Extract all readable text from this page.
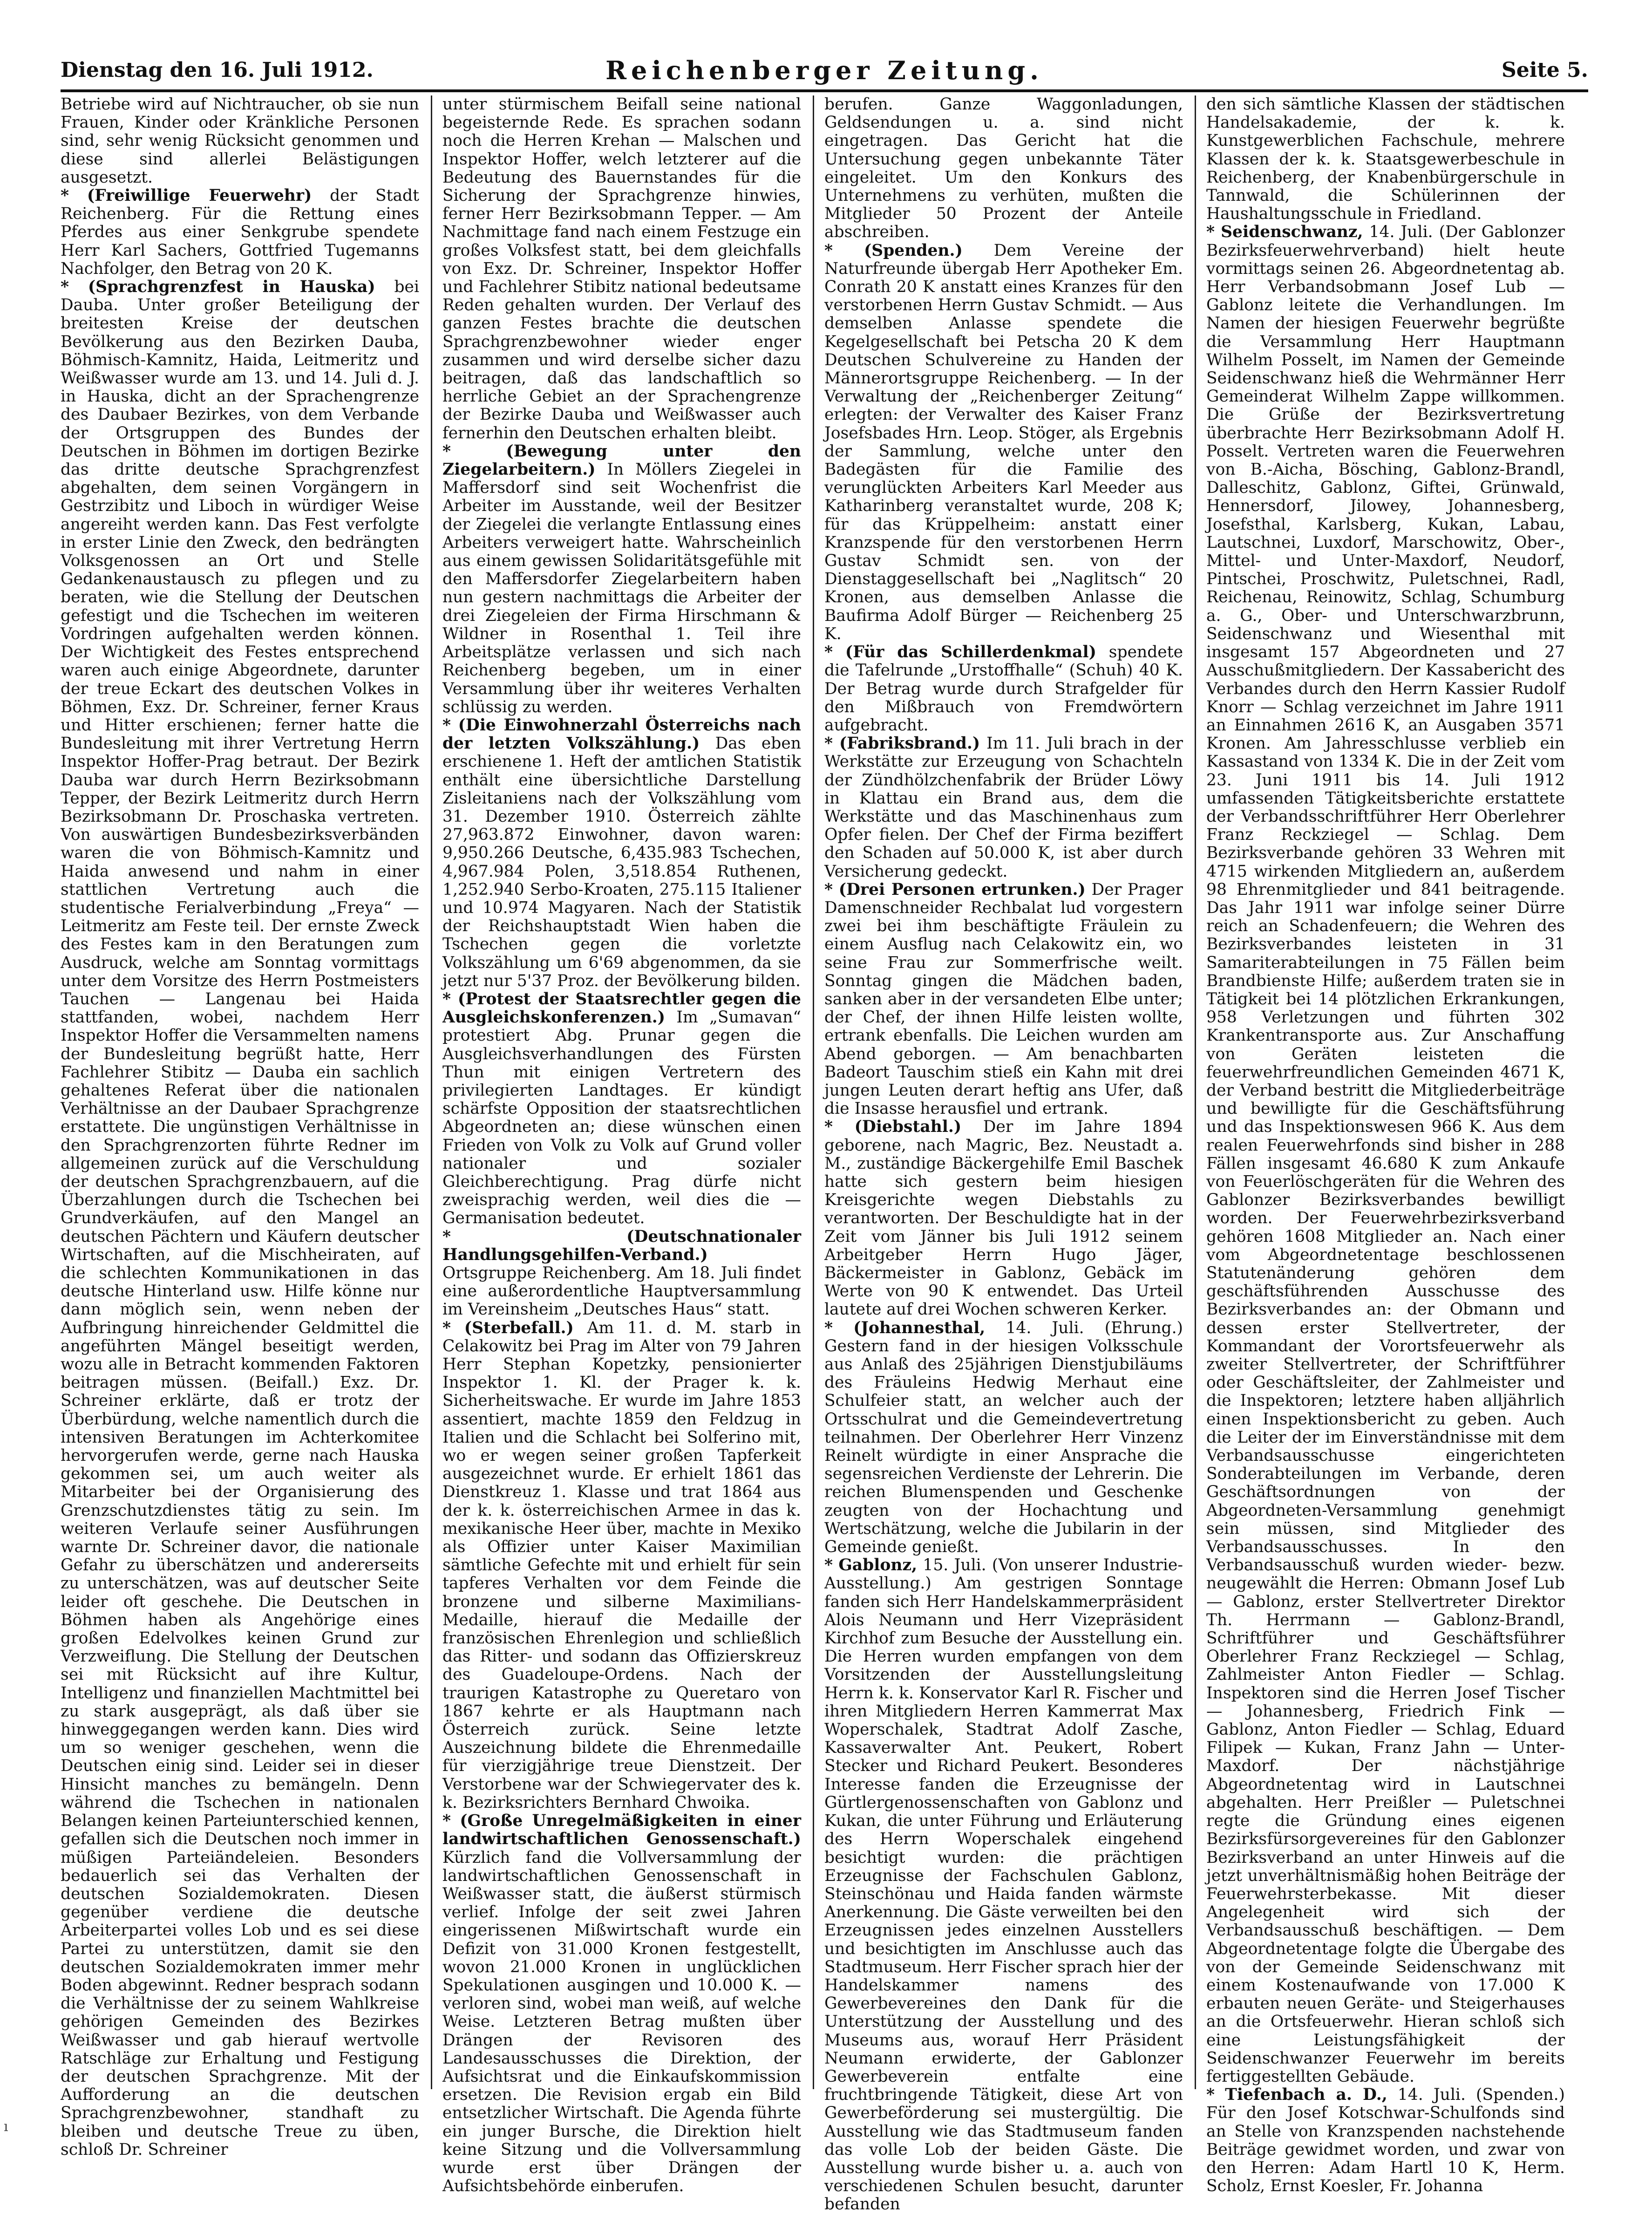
Dienstag den 16. Juli 1912.	Reichenberger Zeitung.	Seite 5.

Betriebe wird auf Nichtraucher, ob sie nun Frauen, Kinder oder Kränkliche Personen sind, sehr wenig Rücksicht genommen und diese sind allerlei Belästigungen ausgesetzt.

* (Freiwillige Feuerwehr) der Stadt Reichenberg. Für die Rettung eines Pferdes aus einer Senkgrube spendete Herr Karl Sachers, Gottfried Tugemanns Nachfolger, den Betrag von 20 K.

* (Sprachgrenzfest in Hauska) bei Dauba. Unter großer Beteiligung der breitesten Kreise der deutschen Bevölkerung aus den Bezirken Dauba, Böhmisch-Kamnitz, Haida, Leitmeritz und Weißwasser wurde am 13. und 14. Juli d. J. in Hauska, dicht an der Sprachengrenze des Daubaer Bezirkes, von dem Verbande der Ortsgruppen des Bundes der Deutschen in Böhmen im dortigen Bezirke das dritte deutsche Sprachgrenzfest abgehalten, dem seinen Vorgängern in Gestrzibitz und Liboch in würdiger Weise angereiht werden kann. Das Fest verfolgte in erster Linie den Zweck, den bedrängten Volksgenossen an Ort und Stelle Gedankenaustausch zu pflegen und zu beraten, wie die Stellung der Deutschen gefestigt und die Tschechen im weiteren Vordringen aufgehalten werden können. Der Wichtigkeit des Festes entsprechend waren auch einige Abgeordnete, darunter der treue Eckart des deutschen Volkes in Böhmen, Exz. Dr. Schreiner, ferner Kraus und Hitter erschienen; ferner hatte die Bundesleitung mit ihrer Vertretung Herrn Inspektor Hoffer-Prag betraut. Der Bezirk Dauba war durch Herrn Bezirksobmann Tepper, der Bezirk Leitmeritz durch Herrn Bezirksobmann Dr. Proschaska vertreten. Von auswärtigen Bundesbezirksverbänden waren die von Böhmisch-Kamnitz und Haida anwesend und nahm in einer stattlichen Vertretung auch die studentische Ferialverbindung „Freya“ — Leitmeritz am Feste teil. Der ernste Zweck des Festes kam in den Beratungen zum Ausdruck, welche am Sonntag vormittags unter dem Vorsitze des Herrn Postmeisters Tauchen — Langenau bei Haida stattfanden, wobei, nachdem Herr Inspektor Hoffer die Versammelten namens der Bundesleitung begrüßt hatte, Herr Fachlehrer Stibitz — Dauba ein sachlich gehaltenes Referat über die nationalen Verhältnisse an der Daubaer Sprachgrenze erstattete. Die ungünstigen Verhältnisse in den Sprachgrenzorten führte Redner im allgemeinen zurück auf die Verschuldung der deutschen Sprachgrenzbauern, auf die Überzahlungen durch die Tschechen bei Grundverkäufen, auf den Mangel an deutschen Pächtern und Käufern deutscher Wirtschaften, auf die Mischheiraten, auf die schlechten Kommunikationen in das deutsche Hinterland usw. Hilfe könne nur dann möglich sein, wenn neben der Aufbringung hinreichender Geldmittel die angeführten Mängel beseitigt werden, wozu alle in Betracht kommenden Faktoren beitragen müssen. (Beifall.) Exz. Dr. Schreiner erklärte, daß er trotz der Überbürdung, welche namentlich durch die intensiven Beratungen im Achterkomitee hervorgerufen werde, gerne nach Hauska gekommen sei, um auch weiter als Mitarbeiter bei der Organisierung des Grenzschutzdienstes tätig zu sein. Im weiteren Verlaufe seiner Ausführungen warnte Dr. Schreiner davor, die nationale Gefahr zu überschätzen und andererseits zu unterschätzen, was auf deutscher Seite leider oft geschehe. Die Deutschen in Böhmen haben als Angehörige eines großen Edelvolkes keinen Grund zur Verzweiflung. Die Stellung der Deutschen sei mit Rücksicht auf ihre Kultur, Intelligenz und finanziellen Machtmittel bei zu stark ausgeprägt, als daß über sie hinweggegangen werden kann. Dies wird um so weniger geschehen, wenn die Deutschen einig sind. Leider sei in dieser Hinsicht manches zu bemängeln. Denn während die Tschechen in nationalen Belangen keinen Parteiunterschied kennen, gefallen sich die Deutschen noch immer in müßigen Parteiändeleien. Besonders bedauerlich sei das Verhalten der deutschen Sozialdemokraten. Diesen gegenüber verdiene die deutsche Arbeiterpartei volles Lob und es sei diese Partei zu unterstützen, damit sie den deutschen Sozialdemokraten immer mehr Boden abgewinnt. Redner besprach sodann die Verhältnisse der zu seinem Wahlkreise gehörigen Gemeinden des Bezirkes Weißwasser und gab hierauf wertvolle Ratschläge zur Erhaltung und Festigung der deutschen Sprachgrenze. Mit der Aufforderung an die deutschen Sprachgrenzbewohner, standhaft zu bleiben und deutsche Treue zu üben, schloß Dr. Schreiner

unter stürmischem Beifall seine national begeisternde Rede. Es sprachen sodann noch die Herren Krehan — Malschen und Inspektor Hoffer, welch letzterer auf die Bedeutung des Bauernstandes für die Sicherung der Sprachgrenze hinwies, ferner Herr Bezirksobmann Tepper. — Am Nachmittage fand nach einem Festzuge ein großes Volksfest statt, bei dem gleichfalls von Exz. Dr. Schreiner, Inspektor Hoffer und Fachlehrer Stibitz national bedeutsame Reden gehalten wurden. Der Verlauf des ganzen Festes brachte die deutschen Sprachgrenzbewohner wieder enger zusammen und wird derselbe sicher dazu beitragen, daß das landschaftlich so herrliche Gebiet an der Sprachengrenze der Bezirke Dauba und Weißwasser auch fernerhin den Deutschen erhalten bleibt.

*	(Bewegung unter den Ziegelarbeitern.) In Möllers Ziegelei in Maffersdorf sind seit Wochenfrist die Arbeiter im Ausstande, weil der Besitzer der Ziegelei die verlangte Entlassung eines Arbeiters verweigert hatte. Wahrscheinlich aus einem gewissen Solidaritätsgefühle mit den Maffersdorfer Ziegelarbeitern haben nun gestern nachmittags die Arbeiter der drei Ziegeleien der Firma Hirschmann & Wildner in Rosenthal 1. Teil ihre Arbeitsplätze verlassen und sich nach Reichenberg begeben, um in einer Versammlung über ihr weiteres Verhalten schlüssig zu werden.

* (Die Einwohnerzahl Österreichs nach der letzten Volkszählung.) Das eben erschienene 1. Heft der amtlichen Statistik enthält eine übersichtliche Darstellung Zisleitaniens nach der Volkszählung vom 31. Dezember 1910. Österreich zählte 27,963.872 Einwohner, davon waren: 9,950.266 Deutsche, 6,435.983 Tschechen, 4,967.984 Polen, 3,518.854 Ruthenen, 1,252.940 Serbo-Kroaten, 275.115 Italiener und 10.974 Magyaren. Nach der Statistik der Reichshauptstadt Wien haben die Tschechen gegen die vorletzte Volkszählung um 6'69 abgenommen, da sie jetzt nur 5'37 Proz. der Bevölkerung bilden.

* (Protest der Staatsrechtler gegen die Ausgleichskonferenzen.) Im „Sumavan“ protestiert Abg. Prunar gegen die Ausgleichsverhandlungen des Fürsten Thun mit einigen Vertretern des privilegierten Landtages. Er kündigt schärfste Opposition der staatsrechtlichen Abgeordneten an; diese wünschen einen Frieden von Volk zu Volk auf Grund voller nationaler und sozialer Gleichberechtigung. Prag dürfe nicht zweisprachig werden, weil dies die — Germanisation bedeutet.

*	(Deutschnationaler Handlungsgehilfen-Verband.) Ortsgruppe Reichenberg. Am 18. Juli findet eine außerordentliche Hauptversammlung im Vereinsheim „Deutsches Haus“ statt.

* (Sterbefall.) Am 11. d. M. starb in Celakowitz bei Prag im Alter von 79 Jahren Herr Stephan Kopetzky, pensionierter Inspektor 1. Kl. der Prager k. k. Sicherheitswache. Er wurde im Jahre 1853 assentiert, machte 1859 den Feldzug in Italien und die Schlacht bei Solferino mit, wo er wegen seiner großen Tapferkeit ausgezeichnet wurde. Er erhielt 1861 das Dienstkreuz 1. Klasse und trat 1864 aus der k. k. österreichischen Armee in das k. mexikanische Heer über, machte in Mexiko als Offizier unter Kaiser Maximilian sämtliche Gefechte mit und erhielt für sein tapferes Verhalten vor dem Feinde die bronzene und silberne Maximilians-Medaille, hierauf die Medaille der französischen Ehrenlegion und schließlich das Ritter- und sodann das Offizierskreuz des Guadeloupe-Ordens. Nach der traurigen Katastrophe zu Queretaro von 1867 kehrte er als Hauptmann nach Österreich zurück. Seine letzte Auszeichnung bildete die Ehrenmedaille für vierzigjährige treue Dienstzeit. Der Verstorbene war der Schwiegervater des k. k. Bezirksrichters Bernhard Chwoika.

* (Große Unregelmäßigkeiten in einer landwirtschaftlichen Genossenschaft.) Kürzlich fand die Vollversammlung der landwirtschaftlichen Genossenschaft in Weißwasser statt, die äußerst stürmisch verlief. Infolge der seit zwei Jahren eingerissenen Mißwirtschaft wurde ein Defizit von 31.000 Kronen festgestellt, wovon 21.000 Kronen in unglücklichen Spekulationen ausgingen und 10.000 K. — verloren sind, wobei man weiß, auf welche Weise. Letzteren Betrag mußten über Drängen der Revisoren des Landesausschusses die Direktion, der Aufsichtsrat und die Einkaufskommission ersetzen. Die Revision ergab ein Bild entsetzlicher Wirtschaft. Die Agenda führte ein junger Bursche, die Direktion hielt keine Sitzung und die Vollversammlung wurde erst über Drängen der Aufsichtsbehörde einberufen.

berufen. Ganze Waggonladungen, Geldsendungen u. a. sind nicht eingetragen. Das Gericht hat die Untersuchung gegen unbekannte Täter eingeleitet. Um den Konkurs des Unternehmens zu verhüten, mußten die Mitglieder 50 Prozent der Anteile abschreiben.

* (Spenden.) Dem Vereine der Naturfreunde übergab Herr Apotheker Em. Conrath 20 K anstatt eines Kranzes für den verstorbenen Herrn Gustav Schmidt. — Aus demselben Anlasse spendete die Kegelgesellschaft bei Petscha 20 K dem Deutschen Schulvereine zu Handen der Männerortsgruppe Reichenberg. — In der Verwaltung der „Reichenberger Zeitung“ erlegten: der Verwalter des Kaiser Franz Josefsbades Hrn. Leop. Stöger, als Ergebnis der Sammlung, welche unter den Badegästen für die Familie des verunglückten Arbeiters Karl Meeder aus Katharinberg veranstaltet wurde, 208 K; für das Krüppelheim: anstatt einer Kranzspende für den verstorbenen Herrn Gustav Schmidt sen. von der Dienstaggesellschaft bei „Naglitsch“ 20 Kronen, aus demselben Anlasse die Baufirma Adolf Bürger — Reichenberg 25 K.

* (Für das Schillerdenkmal) spendete die Tafelrunde „Urstoffhalle“ (Schuh) 40 K. Der Betrag wurde durch Strafgelder für den Mißbrauch von Fremdwörtern aufgebracht.

* (Fabriksbrand.) Im 11. Juli brach in der Werkstätte zur Erzeugung von Schachteln der Zündhölzchenfabrik der Brüder Löwy in Klattau ein Brand aus, dem die Werkstätte und das Maschinenhaus zum Opfer fielen. Der Chef der Firma beziffert den Schaden auf 50.000 K, ist aber durch Versicherung gedeckt.

* (Drei Personen ertrunken.) Der Prager Damenschneider Rechbalat lud vorgestern zwei bei ihm beschäftigte Fräulein zu einem Ausflug nach Celakowitz ein, wo seine Frau zur Sommerfrische weilt. Sonntag gingen die Mädchen baden, sanken aber in der versandeten Elbe unter; der Chef, der ihnen Hilfe leisten wollte, ertrank ebenfalls. Die Leichen wurden am Abend geborgen. — Am benachbarten Badeort Tauschim stieß ein Kahn mit drei jungen Leuten derart heftig ans Ufer, daß die Insasse herausfiel und ertrank.

* (Diebstahl.) Der im Jahre 1894 geborene, nach Magric, Bez. Neustadt a. M., zuständige Bäckergehilfe Emil Baschek hatte sich gestern beim hiesigen Kreisgerichte wegen Diebstahls zu verantworten. Der Beschuldigte hat in der Zeit vom Jänner bis Juli 1912 seinem Arbeitgeber Herrn Hugo Jäger, Bäckermeister in Gablonz, Gebäck im Werte von 90 K entwendet. Das Urteil lautete auf drei Wochen schweren Kerker.

* (Johannesthal, 14. Juli. (Ehrung.) Gestern fand in der hiesigen Volksschule aus Anlaß des 25jährigen Dienstjubiläums des Fräuleins Hedwig Merhaut eine Schulfeier statt, an welcher auch der Ortsschulrat und die Gemeindevertretung teilnahmen. Der Oberlehrer Herr Vinzenz Reinelt würdigte in einer Ansprache die segensreichen Verdienste der Lehrerin. Die reichen Blumenspenden und Geschenke zeugten von der Hochachtung und Wertschätzung, welche die Jubilarin in der Gemeinde genießt.

* Gablonz, 15. Juli. (Von unserer Industrie-Ausstellung.) Am gestrigen Sonntage fanden sich Herr Handelskammerpräsident Alois Neumann und Herr Vizepräsident Kirchhof zum Besuche der Ausstellung ein. Die Herren wurden empfangen von dem Vorsitzenden der Ausstellungsleitung Herrn k. k. Konservator Karl R. Fischer und ihren Mitgliedern Herren Kammerrat Max Woperschalek, Stadtrat Adolf Zasche, Kassaverwalter Ant. Peukert, Robert Stecker und Richard Peukert. Besonderes Interesse fanden die Erzeugnisse der Gürtlergenossenschaften von Gablonz und Kukan, die unter Führung und Erläuterung des Herrn Woperschalek eingehend besichtigt wurden: die prächtigen Erzeugnisse der Fachschulen Gablonz, Steinschönau und Haida fanden wärmste Anerkennung. Die Gäste verweilten bei den Erzeugnissen jedes einzelnen Ausstellers und besichtigten im Anschlusse auch das Stadtmuseum. Herr Fischer sprach hier der Handelskammer namens des Gewerbevereines den Dank für die Unterstützung der Ausstellung und des Museums aus, worauf Herr Präsident Neumann erwiderte, der Gablonzer Gewerbeverein entfalte eine fruchtbringende Tätigkeit, diese Art von Gewerbeförderung sei mustergültig. Die Ausstellung wie das Stadtmuseum fanden das volle Lob der beiden Gäste. Die Ausstellung wurde bisher u. a. auch von verschiedenen Schulen besucht, darunter befanden

den sich sämtliche Klassen der städtischen Handelsakademie, der k. k. Kunstgewerblichen Fachschule, mehrere Klassen der k. k. Staatsgewerbeschule in Reichenberg, der Knabenbürgerschule in Tannwald, die Schülerinnen der Haushaltungsschule in Friedland.

* Seidenschwanz, 14. Juli. (Der Gablonzer Bezirksfeuerwehrverband) hielt heute vormittags seinen 26. Abgeordnetentag ab. Herr Verbandsobmann Josef Lub — Gablonz leitete die Verhandlungen. Im Namen der hiesigen Feuerwehr begrüßte die Versammlung Herr Hauptmann Wilhelm Posselt, im Namen der Gemeinde Seidenschwanz hieß die Wehrmänner Herr Gemeinderat Wilhelm Zappe willkommen. Die Grüße der Bezirksvertretung überbrachte Herr Bezirksobmann Adolf H. Posselt. Vertreten waren die Feuerwehren von B.-Aicha, Bösching, Gablonz-Brandl, Dalleschitz, Gablonz, Giftei, Grünwald, Hennersdorf, Jilowey, Johannesberg, Josefsthal, Karlsberg, Kukan, Labau, Lautschnei, Luxdorf, Marschowitz, Ober-, Mittel- und Unter-Maxdorf, Neudorf, Pintschei, Proschwitz, Puletschnei, Radl, Reichenau, Reinowitz, Schlag, Schumburg a. G., Ober- und Unterschwarzbrunn, Seidenschwanz und Wiesenthal mit insgesamt 157 Abgeordneten und 27 Ausschußmitgliedern. Der Kassabericht des Verbandes durch den Herrn Kassier Rudolf Knorr — Schlag verzeichnet im Jahre 1911 an Einnahmen 2616 K, an Ausgaben 3571 Kronen. Am Jahresschlusse verblieb ein Kassastand von 1334 K. Die in der Zeit vom 23. Juni 1911 bis 14. Juli 1912 umfassenden Tätigkeitsberichte erstattete der Verbandsschriftführer Herr Oberlehrer Franz Reckziegel — Schlag. Dem Bezirksverbande gehören 33 Wehren mit 4715 wirkenden Mitgliedern an, außerdem 98 Ehrenmitglieder und 841 beitragende. Das Jahr 1911 war infolge seiner Dürre reich an Schadenfeuern; die Wehren des Bezirksverbandes leisteten in 31 Samariterabteilungen in 75 Fällen beim Brandbienste Hilfe; außerdem traten sie in Tätigkeit bei 14 plötzlichen Erkrankungen, 958 Verletzungen und führten 302 Krankentransporte aus. Zur Anschaffung von Geräten leisteten die feuerwehrfreundlichen Gemeinden 4671 K, der Verband bestritt die Mitgliederbeiträge und bewilligte für die Geschäftsführung und das Inspektionswesen 966 K. Aus dem realen Feuerwehrfonds sind bisher in 288 Fällen insgesamt 46.680 K zum Ankaufe von Feuerlöschgeräten für die Wehren des Gablonzer Bezirksverbandes bewilligt worden. Der Feuerwehrbezirksverband gehören 1608 Mitglieder an. Nach einer vom Abgeordnetentage beschlossenen Statutenänderung gehören dem geschäftsführenden Ausschusse des Bezirksverbandes an: der Obmann und dessen erster Stellvertreter, der Kommandant der Vorortsfeuerwehr als zweiter Stellvertreter, der Schriftführer oder Geschäftsleiter, der Zahlmeister und die Inspektoren; letztere haben alljährlich einen Inspektionsbericht zu geben. Auch die Leiter der im Einverständnisse mit dem Verbandsausschusse eingerichteten Sonderabteilungen im Verbande, deren Geschäftsordnungen von der Abgeordneten-Versammlung genehmigt sein müssen, sind Mitglieder des Verbandsausschusses. In den Verbandsausschuß wurden wieder- bezw. neugewählt die Herren: Obmann Josef Lub — Gablonz, erster Stellvertreter Direktor Th. Herrmann — Gablonz-Brandl, Schriftführer und Geschäftsführer Oberlehrer Franz Reckziegel — Schlag, Zahlmeister Anton Fiedler — Schlag. Inspektoren sind die Herren Josef Tischer — Johannesberg, Friedrich Fink — Gablonz, Anton Fiedler — Schlag, Eduard Filipek — Kukan, Franz Jahn — Unter-Maxdorf. Der nächstjährige Abgeordnetentag wird in Lautschnei abgehalten. Herr Preißler — Puletschnei regte die Gründung eines eigenen Bezirksfürsorgevereines für den Gablonzer Bezirksverband an unter Hinweis auf die jetzt unverhältnismäßig hohen Beiträge der Feuerwehrsterbekasse. Mit dieser Angelegenheit wird sich der Verbandsausschuß beschäftigen. — Dem Abgeordnetentage folgte die Übergabe des von der Gemeinde Seidenschwanz mit einem Kostenaufwande von 17.000 K erbauten neuen Geräte- und Steigerhauses an die Ortsfeuerwehr. Hieran schloß sich eine Leistungsfähigkeit der Seidenschwanzer Feuerwehr im bereits fertiggestellten Gebäude.

* Tiefenbach a. D., 14. Juli. (Spenden.) Für den Josef Kotschwar-Schulfonds sind an Stelle von Kranzspenden nachstehende Beiträge gewidmet worden, und zwar von den Herren: Adam Hartl 10 K, Herm. Scholz, Ernst Koesler, Fr. Johanna

ı
